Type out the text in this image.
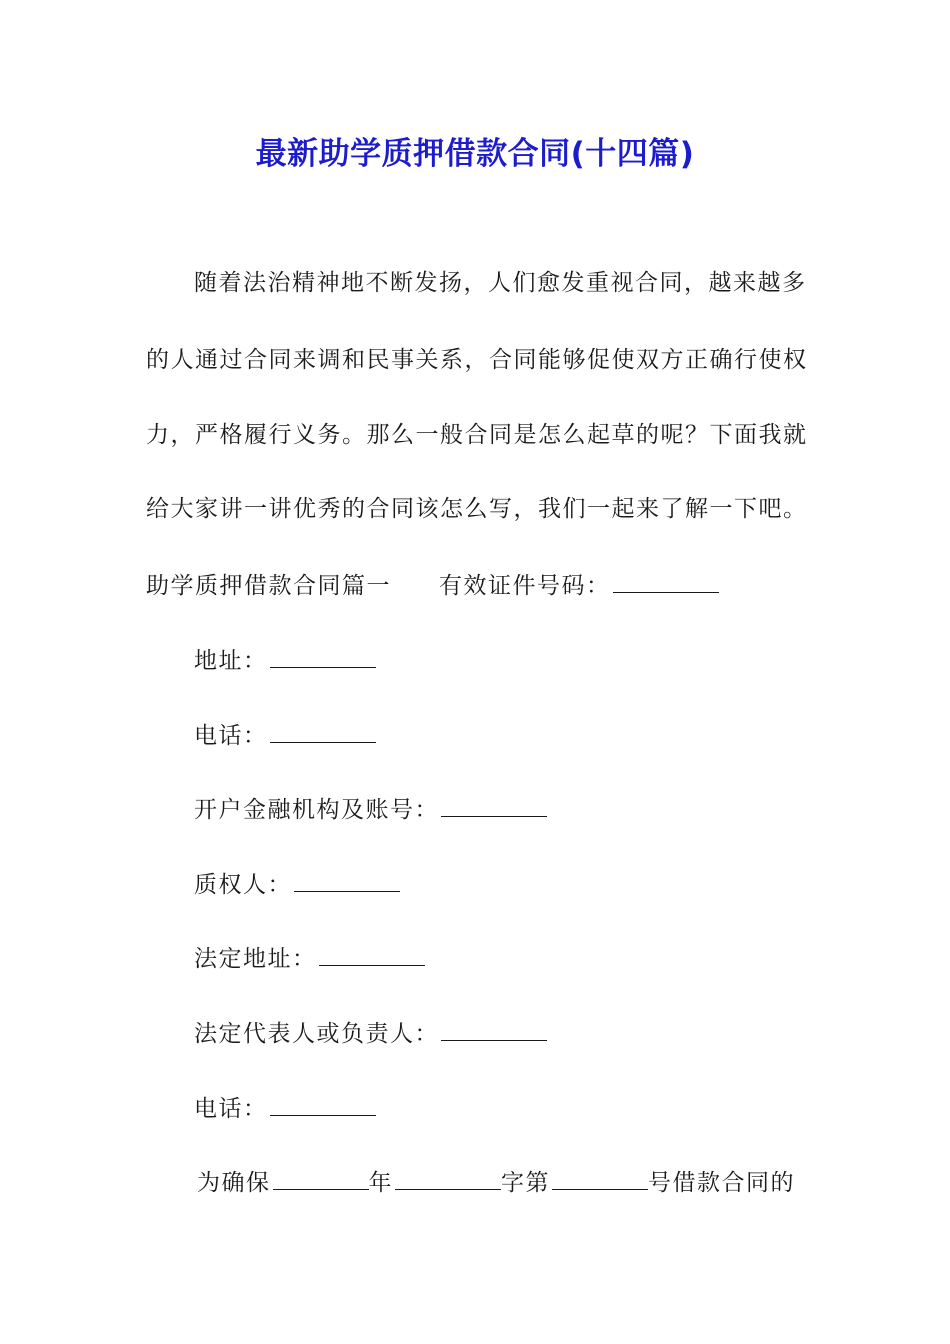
最新助学质押借款合同(十四篇)
随着法治精神地不断发扬，人们愈发重视合同，越来越多
的人通过合同来调和民事关系，合同能够促使双方正确行使权
力，严格履行义务。那么一般合同是怎么起草的呢？下面我就
给大家讲一讲优秀的合同该怎么写，我们一起来了解一下吧。
助学质押借款合同篇一 有效证件号码：
地址：
电话：
开户金融机构及账号：
质权人：
法定地址：
法定代表人或负责人：
电话：
为确保	年	字第	号借款合同的
